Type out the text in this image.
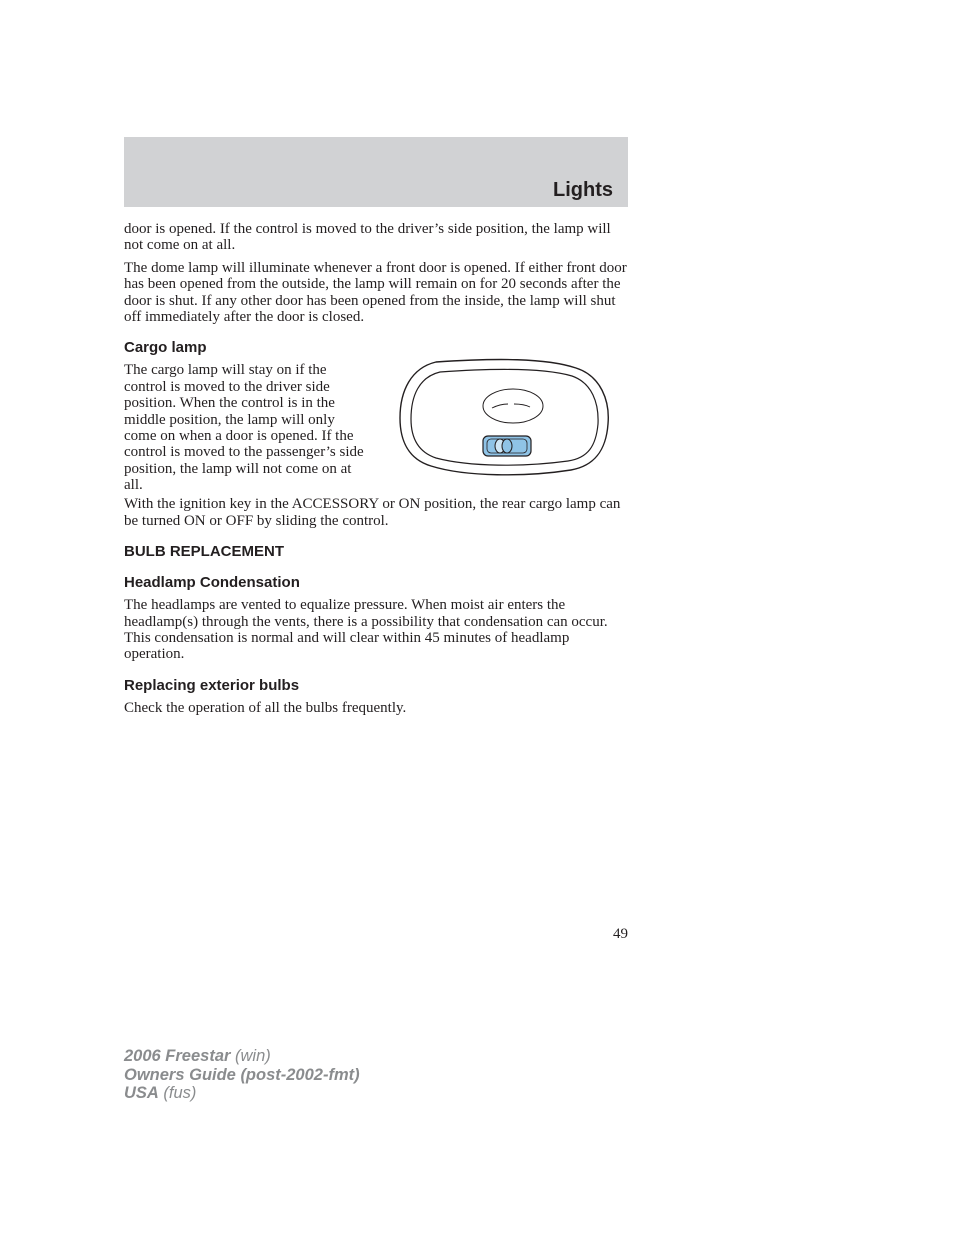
Lights

door is opened. If the control is moved to the driver’s side position, the lamp will not come on at all.

The dome lamp will illuminate whenever a front door is opened. If either front door has been opened from the outside, the lamp will remain on for 20 seconds after the door is shut. If any other door has been opened from the inside, the lamp will shut off immediately after the door is closed.

Cargo lamp

The cargo lamp will stay on if the control is moved to the driver side position. When the control is in the middle position, the lamp will only come on when a door is opened. If the control is moved to the passenger’s side position, the lamp will not come on at all.

With the ignition key in the ACCESSORY or ON position, the rear cargo lamp can be turned ON or OFF by sliding the control.

BULB REPLACEMENT
Headlamp Condensation

The headlamps are vented to equalize pressure. When moist air enters the headlamp(s) through the vents, there is a possibility that condensation can occur. This condensation is normal and will clear within 45 minutes of headlamp operation.

Replacing exterior bulbs

Check the operation of all the bulbs frequently.

49
2006 Freestar (win)
Owners Guide (post-2002-fmt)
USA (fus)
